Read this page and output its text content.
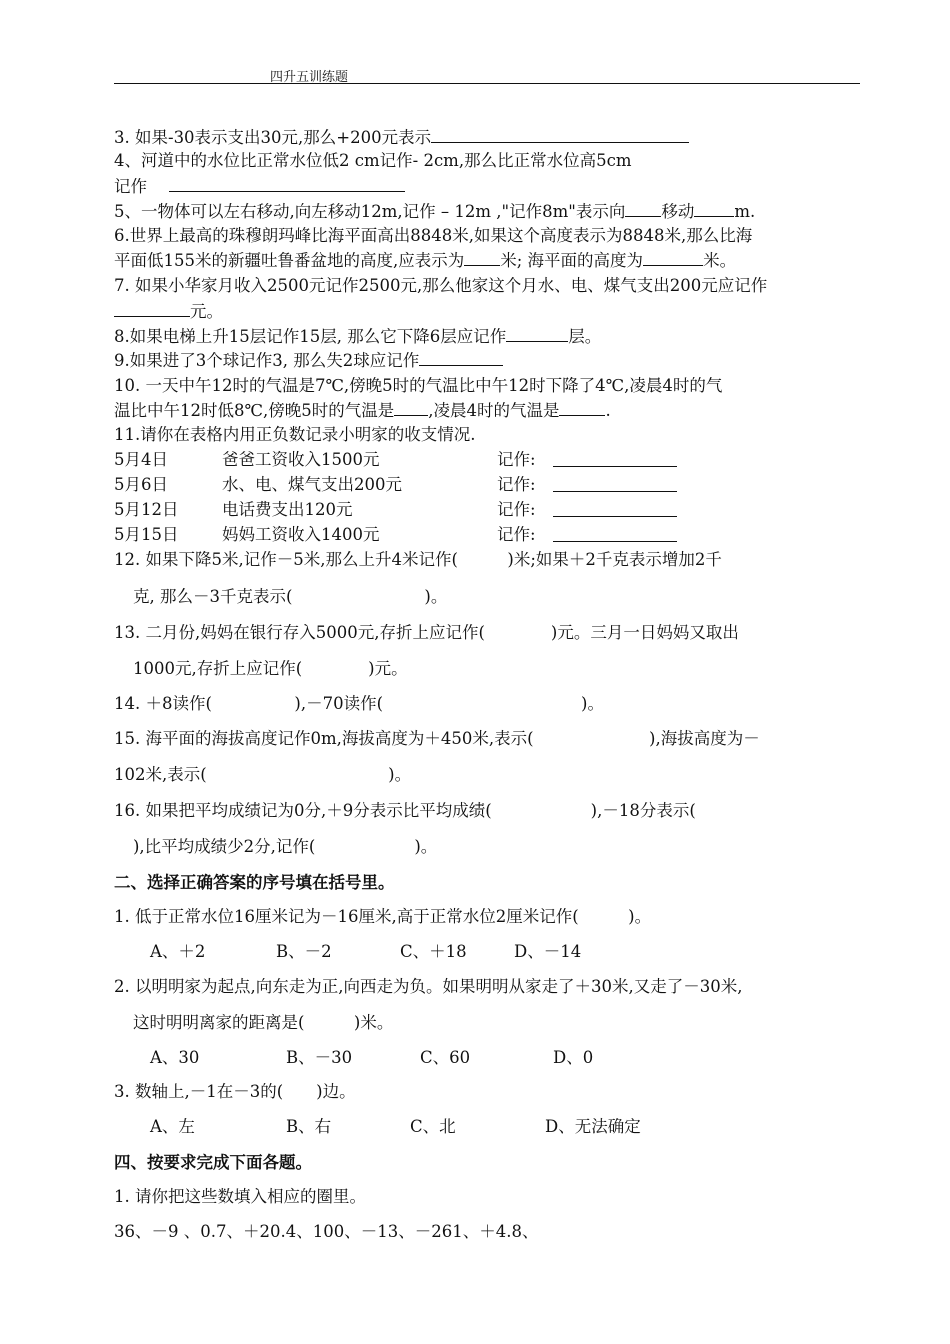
四升五训练题
3. 如果-30表示支出30元,那么+200元表示
4、河道中的水位比正常水位低2 cm记作- 2cm,那么比正常水位高5cm
记作
5、一物体可以左右移动,向左移动12m,记作 – 12m ,"记作8m"表示向 移动 m.
6.世界上最高的珠穆朗玛峰比海平面高出8848米,如果这个高度表示为8848米,那么比海
平面低155米的新疆吐鲁番盆地的高度,应表示为 米; 海平面的高度为	米。
7. 如果小华家月收入2500元记作2500元,那么他家这个月水、电、煤气支出200元应记作
元。
8.如果电梯上升15层记作15层, 那么它下降6层应记作	层。
9.如果进了3个球记作3, 那么失2球应记作
10. 一天中午12时的气温是7℃,傍晚5时的气温比中午12时下降了4℃,凌晨4时的气
温比中午12时低8℃,傍晚5时的气温是 ,凌晨4时的气温是	.
11.请你在表格内用正负数记录小明家的收支情况.
5月4日	爸爸工资收入1500元	记作:
5月6日	水、电、煤气支出200元	记作:
5月12日	电话费支出120元	记作:
5月15日	妈妈工资收入1400元	记作:
12. 如果下降5米,记作－5米,那么上升4米记作(　　　)米;如果＋2千克表示增加2千
克, 那么－3千克表示(　　　　　　　　)。
13. 二月份,妈妈在银行存入5000元,存折上应记作(　　　　)元。三月一日妈妈又取出
1000元,存折上应记作(　　　　)元。
14. ＋8读作(　　　　　),－70读作(　　　　　　　　　　　　)。
15. 海平面的海拔高度记作0m,海拔高度为＋450米,表示(　　　　　　　),海拔高度为－
102米,表示(　　　　　　　　　　　)。
16. 如果把平均成绩记为0分,＋9分表示比平均成绩(　　　　　　),－18分表示(
),比平均成绩少2分,记作(　　　　　　)。
二、选择正确答案的序号填在括号里。
1. 低于正常水位16厘米记为－16厘米,高于正常水位2厘米记作(　　　)。
A、＋2	B、－2	C、＋18	D、－14
2. 以明明家为起点,向东走为正,向西走为负。如果明明从家走了＋30米,又走了－30米,
这时明明离家的距离是(　　　)米。
A、30	B、－30	C、60	D、0
3. 数轴上,－1在－3的(　　)边。
A、左	B、右	C、北	D、无法确定
四、按要求完成下面各题。
1. 请你把这些数填入相应的圈里。
36、－9 、0.7、＋20.4、100、－13、－261、＋4.8、
